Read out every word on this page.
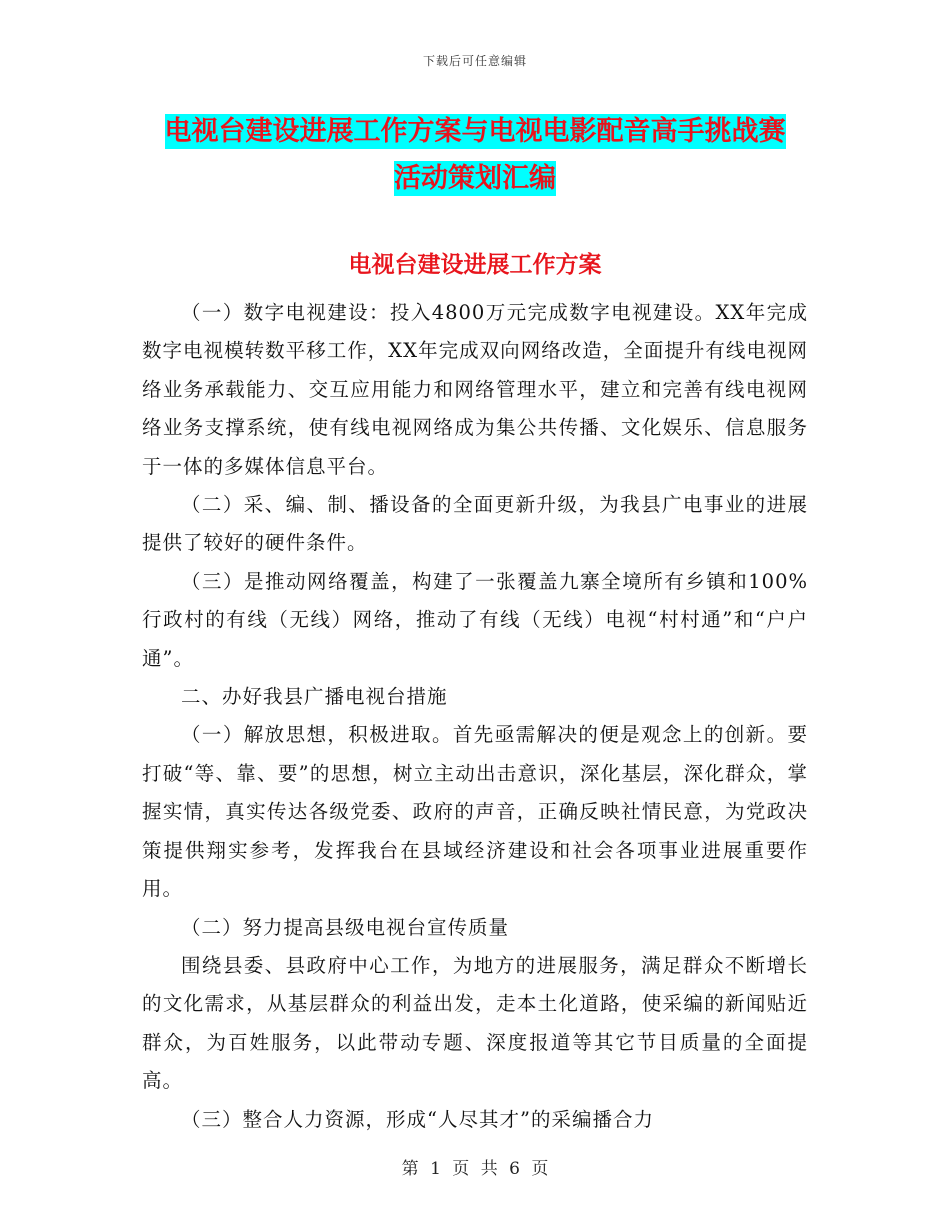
下载后可任意编辑
电视台建设进展工作方案与电视电影配音高手挑战赛
活动策划汇编
电视台建设进展工作方案

（一）数字电视建设：投入4800万元完成数字电视建设。XX年完成数字电视模转数平移工作，XX年完成双向网络改造，全面提升有线电视网络业务承载能力、交互应用能力和网络管理水平，建立和完善有线电视网络业务支撑系统，使有线电视网络成为集公共传播、文化娱乐、信息服务于一体的多媒体信息平台。

（二）采、编、制、播设备的全面更新升级，为我县广电事业的进展提供了较好的硬件条件。

（三）是推动网络覆盖，构建了一张覆盖九寨全境所有乡镇和100%行政村的有线（无线）网络，推动了有线（无线）电视“村村通”和“户户通”。

二、办好我县广播电视台措施

（一）解放思想，积极进取。首先亟需解决的便是观念上的创新。要打破“等、靠、要”的思想，树立主动出击意识，深化基层，深化群众，掌握实情，真实传达各级党委、政府的声音，正确反映社情民意，为党政决策提供翔实参考，发挥我台在县域经济建设和社会各项事业进展重要作用。

（二）努力提高县级电视台宣传质量

围绕县委、县政府中心工作，为地方的进展服务，满足群众不断增长的文化需求，从基层群众的利益出发，走本土化道路，使采编的新闻贴近群众，为百姓服务，以此带动专题、深度报道等其它节目质量的全面提高。

（三）整合人力资源，形成“人尽其才”的采编播合力

第 1 页 共 6 页
